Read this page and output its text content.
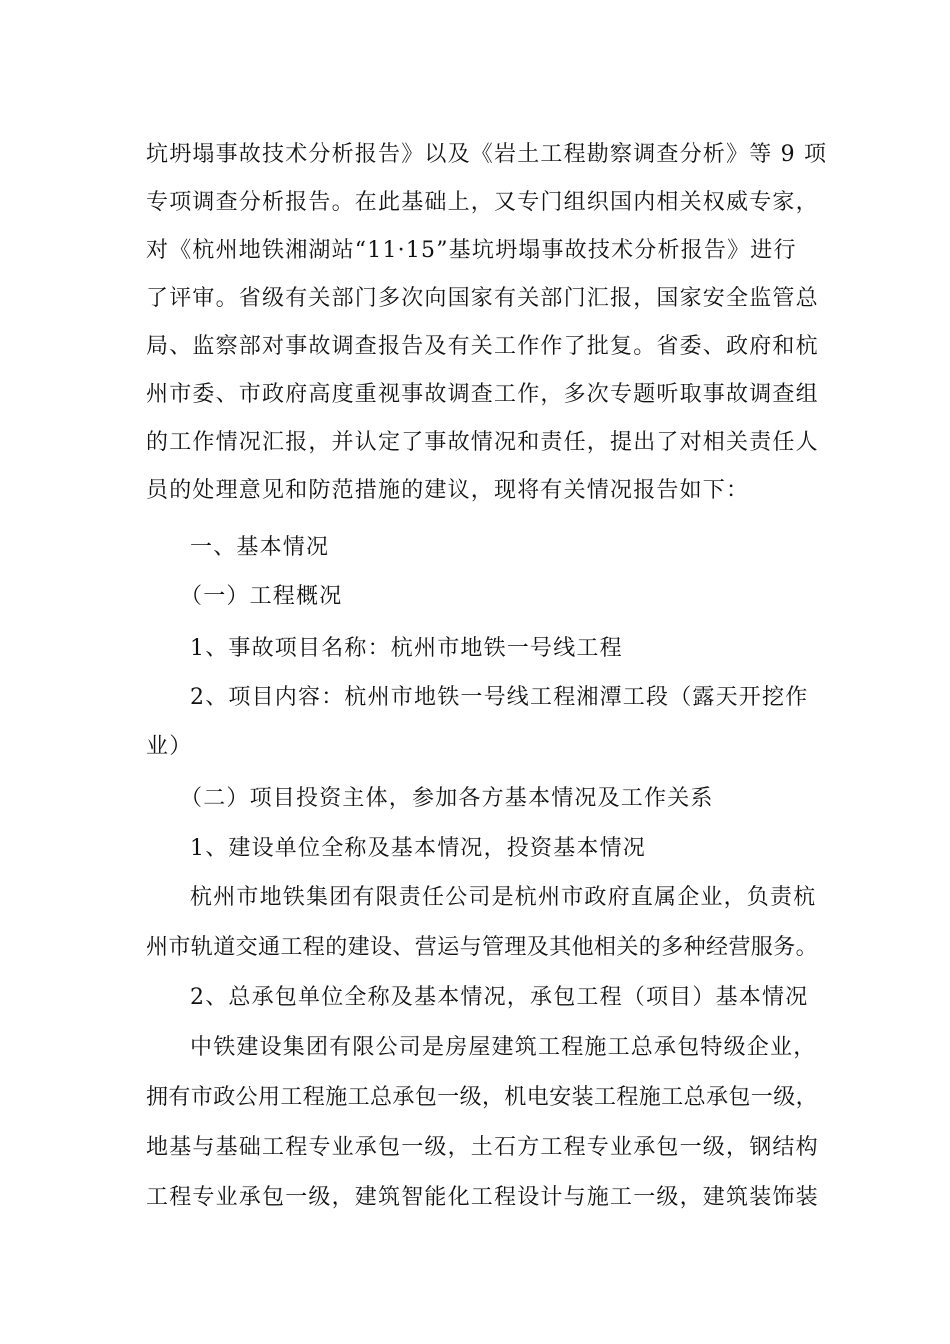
坑坍塌事故技术分析报告》以及《岩土工程勘察调查分析》等 9 项
专项调查分析报告。在此基础上，又专门组织国内相关权威专家，
对《杭州地铁湘湖站“11·15”基坑坍塌事故技术分析报告》进行
了评审。省级有关部门多次向国家有关部门汇报，国家安全监管总
局、监察部对事故调查报告及有关工作作了批复。省委、政府和杭
州市委、市政府高度重视事故调查工作，多次专题听取事故调查组
的工作情况汇报，并认定了事故情况和责任，提出了对相关责任人
员的处理意见和防范措施的建议，现将有关情况报告如下：
一、基本情况
（一）工程概况
1、事故项目名称：杭州市地铁一号线工程
2、项目内容：杭州市地铁一号线工程湘潭工段（露天开挖作
业）
（二）项目投资主体，参加各方基本情况及工作关系
1、建设单位全称及基本情况，投资基本情况
杭州市地铁集团有限责任公司是杭州市政府直属企业，负责杭
州市轨道交通工程的建设、营运与管理及其他相关的多种经营服务。
2、总承包单位全称及基本情况，承包工程（项目）基本情况
中铁建设集团有限公司是房屋建筑工程施工总承包特级企业，
拥有市政公用工程施工总承包一级，机电安装工程施工总承包一级，
地基与基础工程专业承包一级，土石方工程专业承包一级，钢结构
工程专业承包一级，建筑智能化工程设计与施工一级，建筑装饰装
